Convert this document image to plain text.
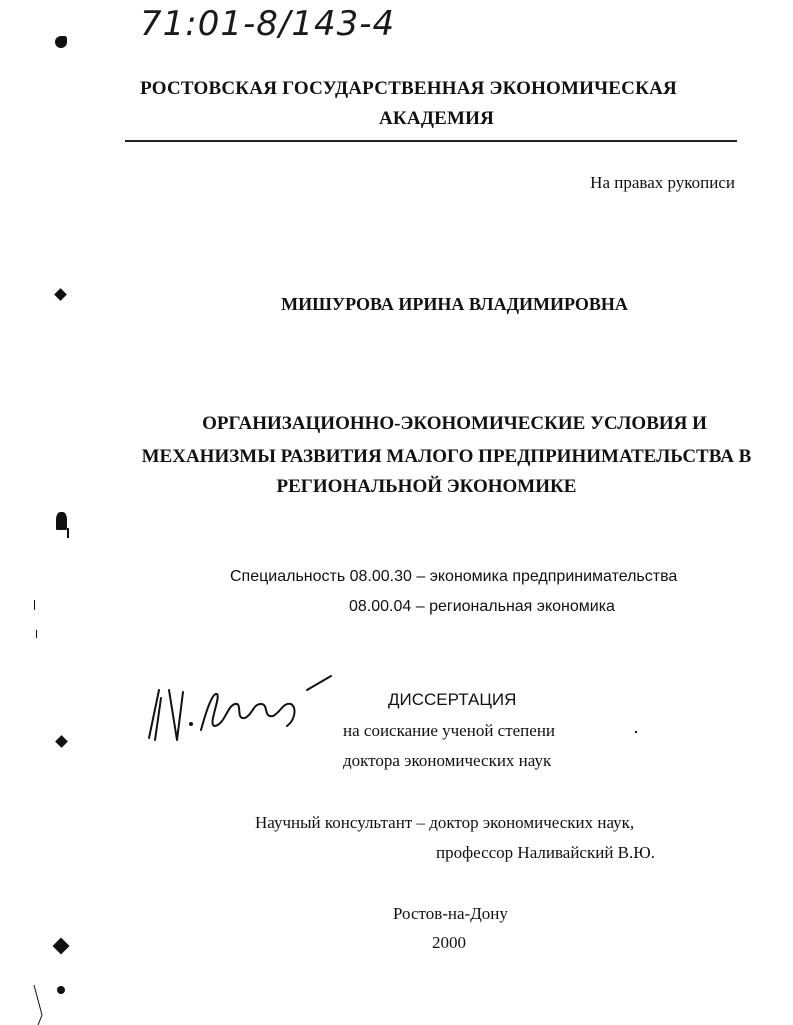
71:01-8/143-4
РОСТОВСКАЯ ГОСУДАРСТВЕННАЯ ЭКОНОМИЧЕСКАЯ
АКАДЕМИЯ
На правах рукописи
МИШУРОВА ИРИНА ВЛАДИМИРОВНА
ОРГАНИЗАЦИОННО-ЭКОНОМИЧЕСКИЕ УСЛОВИЯ И
МЕХАНИЗМЫ РАЗВИТИЯ МАЛОГО ПРЕДПРИНИМАТЕЛЬСТВА В
РЕГИОНАЛЬНОЙ ЭКОНОМИКЕ
Специальность 08.00.30 – экономика предпринимательства
08.00.04 – региональная экономика
ДИССЕРТАЦИЯ
на соискание ученой степени
доктора экономических наук
Научный консультант – доктор экономических наук,
профессор Наливайский В.Ю.
Ростов-на-Дону
2000
